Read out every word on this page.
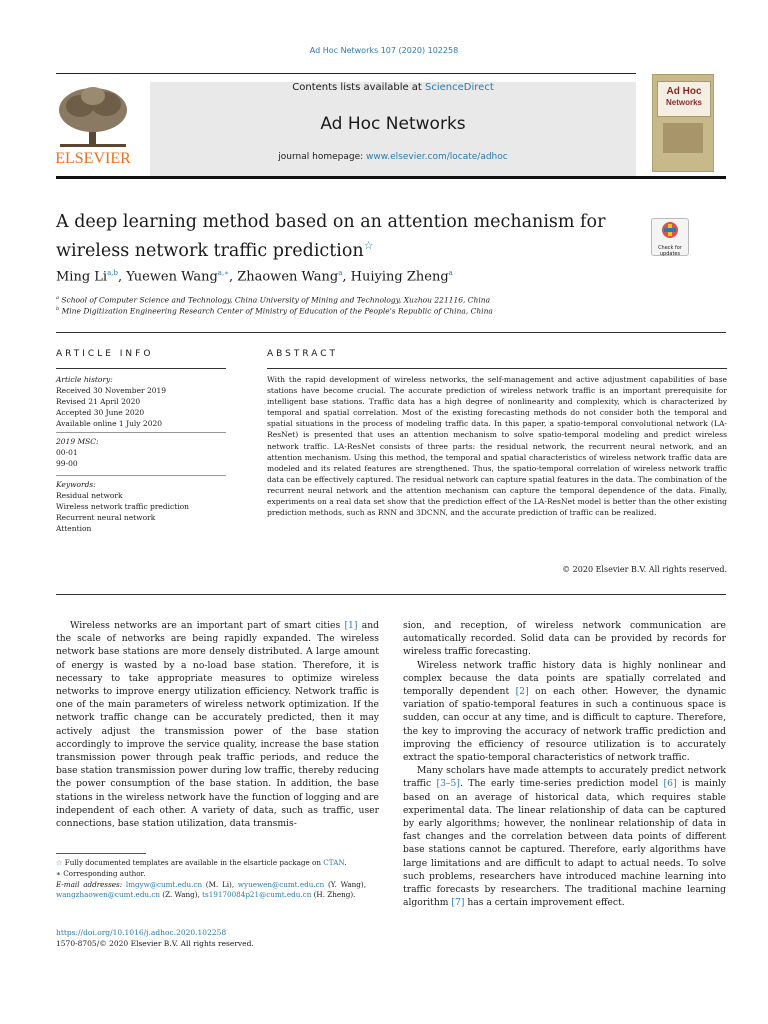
Ad Hoc Networks 107 (2020) 102258
ELSEVIER
Contents lists available at ScienceDirect
Ad Hoc Networks
journal homepage: www.elsevier.com/locate/adhoc
Ad Hoc
Networks
A deep learning method based on an attention mechanism for
wireless network traffic prediction☆	Check for
updates
Ming Li$^{a,b}$, Yuewen Wang$^{a,∗}$, Zhaowen Wang$^a$, Huiying Zheng$^a$
$^a$ School of Computer Science and Technology, China University of Mining and Technology, Xuzhou 221116, China
$^b$ Mine Digitization Engineering Research Center of Ministry of Education of the People's Republic of China, China
ARTICLE INFO
Article history:
Received 30 November 2019
Revised 21 April 2020
Accepted 30 June 2020
Available online 1 July 2020
2019 MSC:
00-01
99-00
Keywords:
Residual network
Wireless network traffic prediction
Recurrent neural network
Attention
ABSTRACT
With the rapid development of wireless networks, the self-management and active adjustment capabilities of base stations have become crucial. The accurate prediction of wireless network traffic is an important prerequisite for intelligent base stations. Traffic data has a high degree of nonlinearity and complexity, which is characterized by temporal and spatial correlation. Most of the existing forecasting methods do not consider both the temporal and spatial situations in the process of modeling traffic data. In this paper, a spatio-temporal convolutional network (LA-ResNet) is presented that uses an attention mechanism to solve spatio-temporal modeling and predict wireless network traffic. LA-ResNet consists of three parts: the residual network, the recurrent neural network, and an attention mechanism. Using this method, the temporal and spatial characteristics of wireless network traffic data are modeled and its related features are strengthened. Thus, the spatio-temporal correlation of wireless network traffic data can be effectively captured. The residual network can capture spatial features in the data. The combination of the recurrent neural network and the attention mechanism can capture the temporal dependence of the data. Finally, experiments on a real data set show that the prediction effect of the LA-ResNet model is better than the other existing prediction methods, such as RNN and 3DCNN, and the accurate prediction of traffic can be realized.
© 2020 Elsevier B.V. All rights reserved.

Wireless networks are an important part of smart cities [1] and the scale of networks are being rapidly expanded. The wireless network base stations are more densely distributed. A large amount of energy is wasted by a no-load base station. Therefore, it is necessary to take appropriate measures to optimize wireless networks to improve energy utilization efficiency. Network traffic is one of the main parameters of wireless network optimization. If the network traffic change can be accurately predicted, then it may actively adjust the transmission power of the base station accordingly to improve the service quality, increase the base station transmission power through peak traffic periods, and reduce the base station transmission power during low traffic, thereby reducing the power consumption of the base station. In addition, the base stations in the wireless network have the function of logging and are independent of each other. A variety of data, such as traffic, user connections, base station utilization, data transmis-

sion, and reception, of wireless network communication are automatically recorded. Solid data can be provided by records for wireless traffic forecasting.

Wireless network traffic history data is highly nonlinear and complex because the data points are spatially correlated and temporally dependent [2] on each other. However, the dynamic variation of spatio-temporal features in such a continuous space is sudden, can occur at any time, and is difficult to capture. Therefore, the key to improving the accuracy of network traffic prediction and improving the efficiency of resource utilization is to accurately extract the spatio-temporal characteristics of network traffic.

Many scholars have made attempts to accurately predict network traffic [3–5]. The early time-series prediction model [6] is mainly based on an average of historical data, which requires stable experimental data. The linear relationship of data can be captured by early algorithms; however, the nonlinear relationship of data in fast changes and the correlation between data points of different base stations cannot be captured. Therefore, early algorithms have large limitations and are difficult to adapt to actual needs. To solve such problems, researchers have introduced machine learning into traffic forecasts by researchers. The traditional machine learning algorithm [7] has a certain improvement effect.

☆ Fully documented templates are available in the elsarticle package on CTAN.
∗ Corresponding author.
E-mail addresses: lmgyw@cumt.edu.cn (M. Li), wyuewen@cumt.edu.cn (Y. Wang), wangzhaowen@cumt.edu.cn (Z. Wang), ts19170084p21@cumt.edu.cn (H. Zheng).
https://doi.org/10.1016/j.adhoc.2020.102258
1570-8705/© 2020 Elsevier B.V. All rights reserved.
